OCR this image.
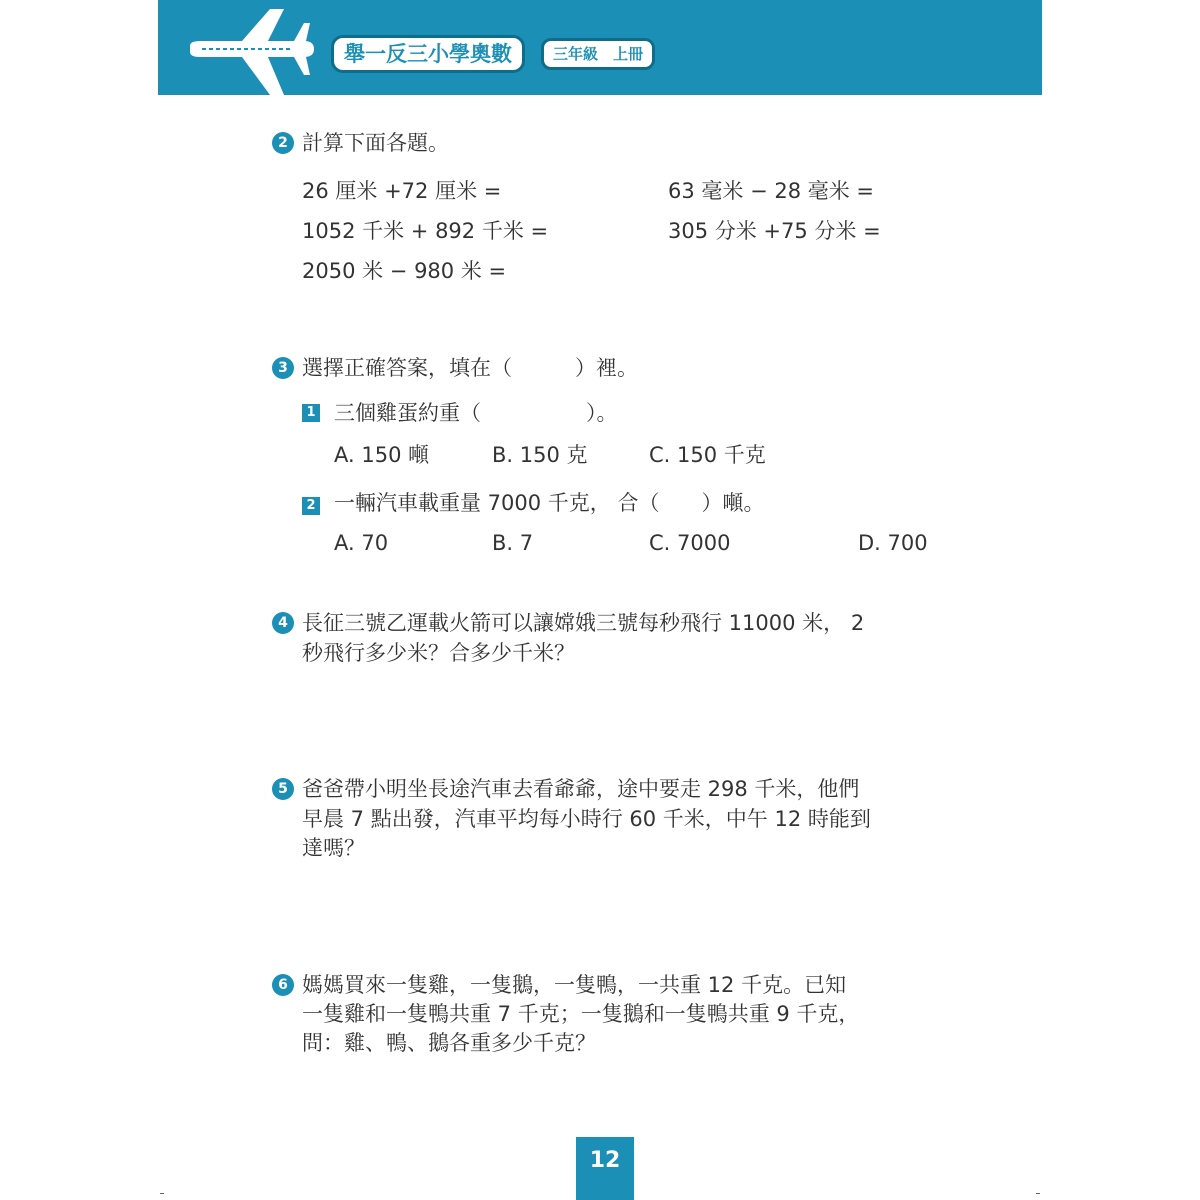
舉一反三小學奧數	三年級　上冊
2 計算下面各題。
26 厘米 +72 厘米 =	63 毫米 − 28 毫米 =
1052 千米 + 892 千米 =	305 分米 +75 分米 =
2050 米 − 980 米 =
3 選擇正確答案，填在（　　　）裡。
1 三個雞蛋約重（　　　　　）。
A. 150 噸	B. 150 克	C. 150 千克
2 一輛汽車載重量 7000 千克， 合（　　）噸。
A. 70	B. 7	C. 7000	D. 700
4 長征三號乙運載火箭可以讓嫦娥三號每秒飛行 11000 米， 2
秒飛行多少米？合多少千米？
5 爸爸帶小明坐長途汽車去看爺爺，途中要走 298 千米，他們
早晨 7 點出發，汽車平均每小時行 60 千米，中午 12 時能到
達嗎？
6 媽媽買來一隻雞，一隻鵝，一隻鴨，一共重 12 千克。已知
一隻雞和一隻鴨共重 7 千克；一隻鵝和一隻鴨共重 9 千克，
問：雞、鴨、鵝各重多少千克？
12
